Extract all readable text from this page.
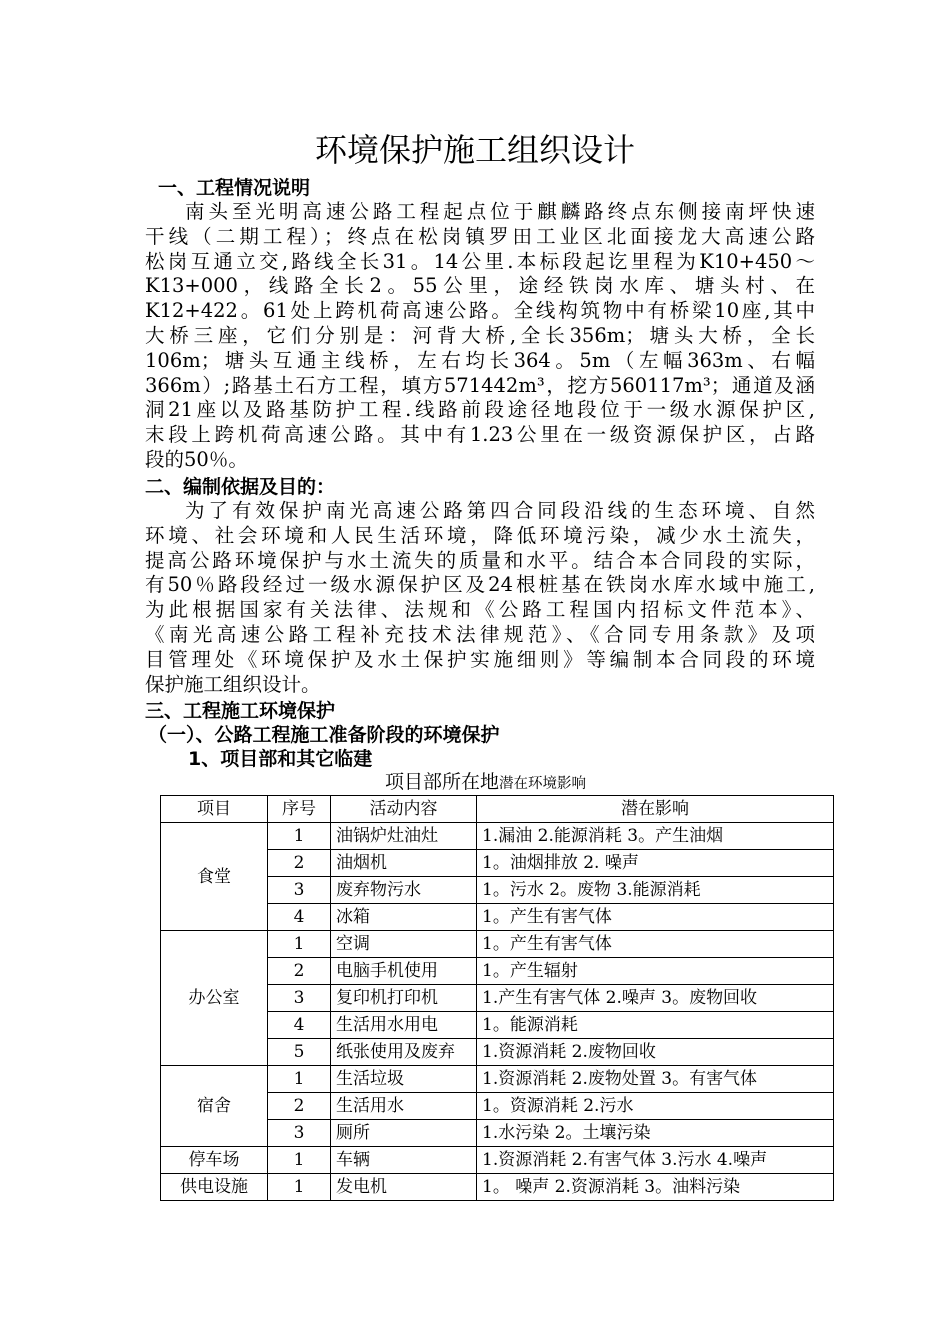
环境保护施工组织设计
一、工程情况说明
南头至光明高速公路工程起点位于麒麟路终点东侧接南坪快速
干线（二期工程）；终点在松岗镇罗田工业区北面接龙大高速公路
松岗互通立交,路线全长31。14公里.本标段起讫里程为K10+450～
K13+000，线路全长2。55公里，途经铁岗水库、塘头村、在
K12+422。61处上跨机荷高速公路。全线构筑物中有桥梁10座,其中
大桥三座，它们分别是：河背大桥,全长356m；塘头大桥，全长
106m；塘头互通主线桥，左右均长364。5m（左幅363m、右幅
366m）;路基土石方工程，填方571442m³，挖方560117m³；通道及涵
洞21座以及路基防护工程.线路前段途径地段位于一级水源保护区,
末段上跨机荷高速公路。其中有1.23公里在一级资源保护区，占路
段的50％。
二、编制依据及目的：
为了有效保护南光高速公路第四合同段沿线的生态环境、自然
环境、社会环境和人民生活环境，降低环境污染，减少水土流失，
提高公路环境保护与水土流失的质量和水平。结合本合同段的实际，
有50％路段经过一级水源保护区及24根桩基在铁岗水库水域中施工,
为此根据国家有关法律、法规和《公路工程国内招标文件范本》、
《南光高速公路工程补充技术法律规范》、《合同专用条款》及项
目管理处《环境保护及水土保护实施细则》等编制本合同段的环境
保护施工组织设计。
三、工程施工环境保护
（一）、公路工程施工准备阶段的环境保护
1、项目部和其它临建
项目部所在地潜在环境影响
项目	序号	活动内容	潜在影响
食堂	1	油锅炉灶油灶	1.漏油 2.能源消耗 3。产生油烟
	2	油烟机	1。油烟排放 2. 噪声
	3	废弃物污水	1。污水 2。废物 3.能源消耗
	4	冰箱	1。产生有害气体
办公室	1	空调	1。产生有害气体
	2	电脑手机使用	1。产生辐射
	3	复印机打印机	1.产生有害气体 2.噪声 3。废物回收
	4	生活用水用电	1。能源消耗
	5	纸张使用及废弃	1.资源消耗 2.废物回收
宿舍	1	生活垃圾	1.资源消耗 2.废物处置 3。有害气体
	2	生活用水	1。资源消耗 2.污水
	3	厕所	1.水污染 2。土壤污染
停车场	1	车辆	1.资源消耗 2.有害气体 3.污水 4.噪声
供电设施	1	发电机	1。 噪声 2.资源消耗 3。油料污染
